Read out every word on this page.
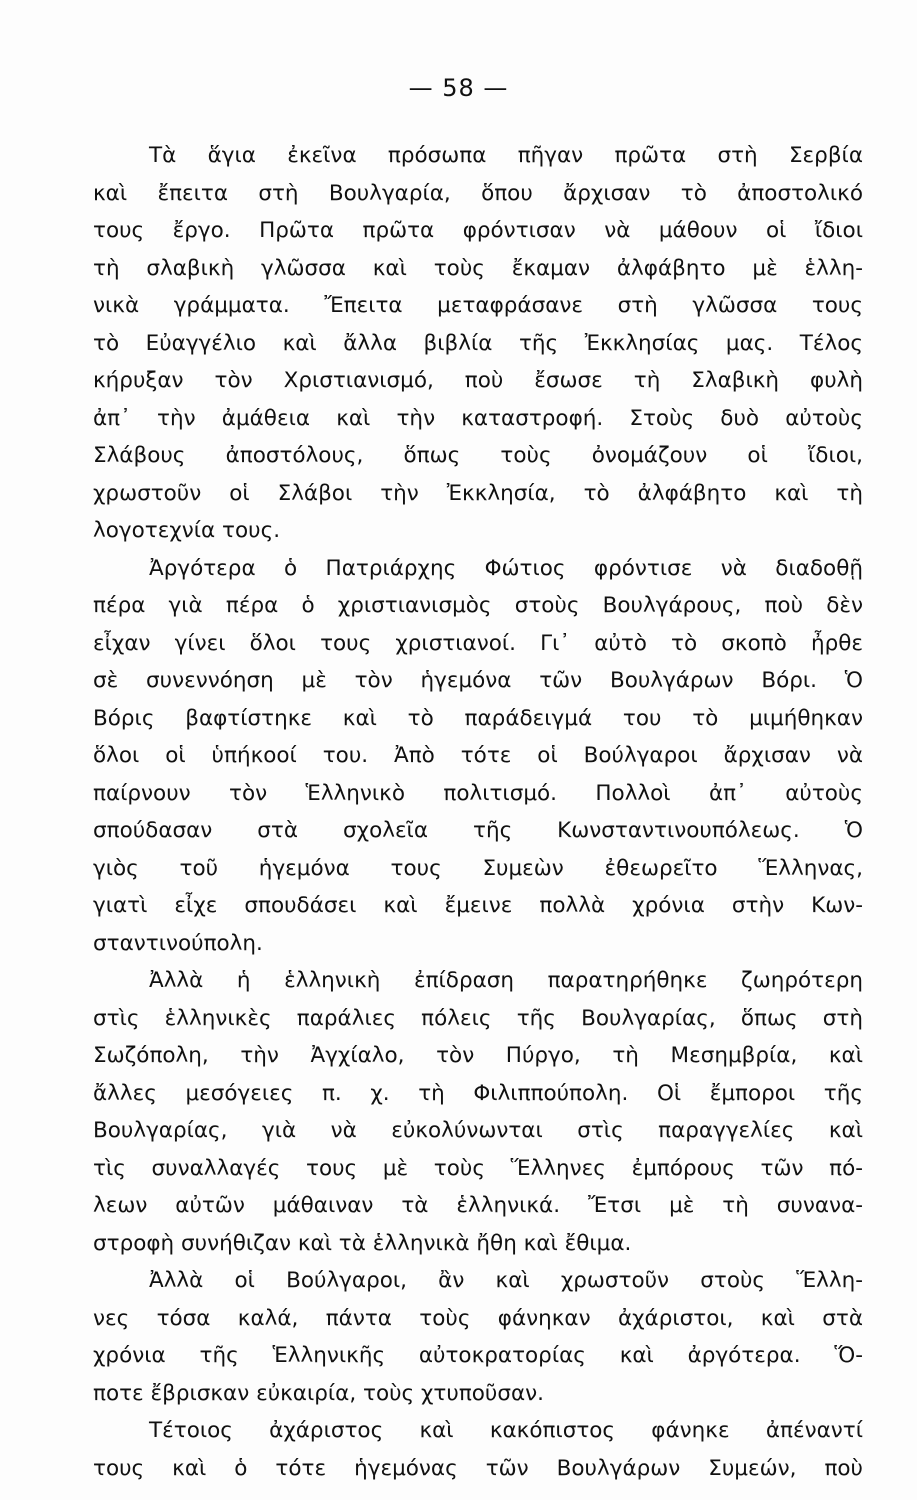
— 58 —
Τὰ ἅγια ἐκεῖνα πρόσωπα πῆγαν πρῶτα στὴ Σερβία
καὶ ἔπειτα στὴ Βουλγαρία, ὅπου ἄρχισαν τὸ ἀποστολικό
τους ἔργο. Πρῶτα πρῶτα φρόντισαν νὰ μάθουν οἱ ἴδιοι
τὴ σλαβικὴ γλῶσσα καὶ τοὺς ἔκαμαν ἀλφάβητο μὲ ἑλλη-
νικὰ γράμματα. Ἔπειτα μεταφράσανε στὴ γλῶσσα τους
τὸ Εὐαγγέλιο καὶ ἄλλα βιβλία τῆς Ἐκκλησίας μας. Τέλος
κήρυξαν τὸν Χριστιανισμό, ποὺ ἔσωσε τὴ Σλαβικὴ φυλὴ
ἀπ᾽ τὴν ἀμάθεια καὶ τὴν καταστροφή. Στοὺς δυὸ αὐτοὺς
Σλάβους ἀποστόλους, ὅπως τοὺς ὀνομάζουν οἱ ἴδιοι,
χρωστοῦν οἱ Σλάβοι τὴν Ἐκκλησία, τὸ ἀλφάβητο καὶ τὴ
λογοτεχνία τους.
Ἀργότερα ὁ Πατριάρχης Φώτιος φρόντισε νὰ διαδοθῇ
πέρα γιὰ πέρα ὁ χριστιανισμὸς στοὺς Βουλγάρους, ποὺ δὲν
εἶχαν γίνει ὅλοι τους χριστιανοί. Γι᾽ αὐτὸ τὸ σκοπὸ ἦρθε
σὲ συνεννόηση μὲ τὸν ἡγεμόνα τῶν Βουλγάρων Βόρι. Ὁ
Βόρις βαφτίστηκε καὶ τὸ παράδειγμά του τὸ μιμήθηκαν
ὅλοι οἱ ὑπήκοοί του. Ἀπὸ τότε οἱ Βούλγαροι ἄρχισαν νὰ
παίρνουν τὸν Ἑλληνικὸ πολιτισμό. Πολλοὶ ἀπ᾽ αὐτοὺς
σπούδασαν στὰ σχολεῖα τῆς Κωνσταντινουπόλεως. Ὁ
γιὸς τοῦ ἡγεμόνα τους Συμεὼν ἐθεωρεῖτο Ἕλληνας,
γιατὶ εἶχε σπουδάσει καὶ ἔμεινε πολλὰ χρόνια στὴν Κων-
σταντινούπολη.
Ἀλλὰ ἡ ἑλληνικὴ ἐπίδραση παρατηρήθηκε ζωηρότερη
στὶς ἑλληνικὲς παράλιες πόλεις τῆς Βουλγαρίας, ὅπως στὴ
Σωζόπολη, τὴν Ἀγχίαλο, τὸν Πύργο, τὴ Μεσημβρία, καὶ
ἄλλες μεσόγειες π. χ. τὴ Φιλιππούπολη. Οἱ ἔμποροι τῆς
Βουλγαρίας, γιὰ νὰ εὐκολύνωνται στὶς παραγγελίες καὶ
τὶς συναλλαγές τους μὲ τοὺς Ἕλληνες ἐμπόρους τῶν πό-
λεων αὐτῶν μάθαιναν τὰ ἑλληνικά. Ἔτσι μὲ τὴ συνανα-
στροφὴ συνήθιζαν καὶ τὰ ἑλληνικὰ ἤθη καὶ ἔθιμα.
Ἀλλὰ οἱ Βούλγαροι, ἂν καὶ χρωστοῦν στοὺς Ἕλλη-
νες τόσα καλά, πάντα τοὺς φάνηκαν ἀχάριστοι, καὶ στὰ
χρόνια τῆς Ἑλληνικῆς αὐτοκρατορίας καὶ ἀργότερα. Ὅ-
ποτε ἔβρισκαν εὐκαιρία, τοὺς χτυποῦσαν.
Τέτοιος ἀχάριστος καὶ κακόπιστος φάνηκε ἀπέναντί
τους καὶ ὁ τότε ἡγεμόνας τῶν Βουλγάρων Συμεών, ποὺ
